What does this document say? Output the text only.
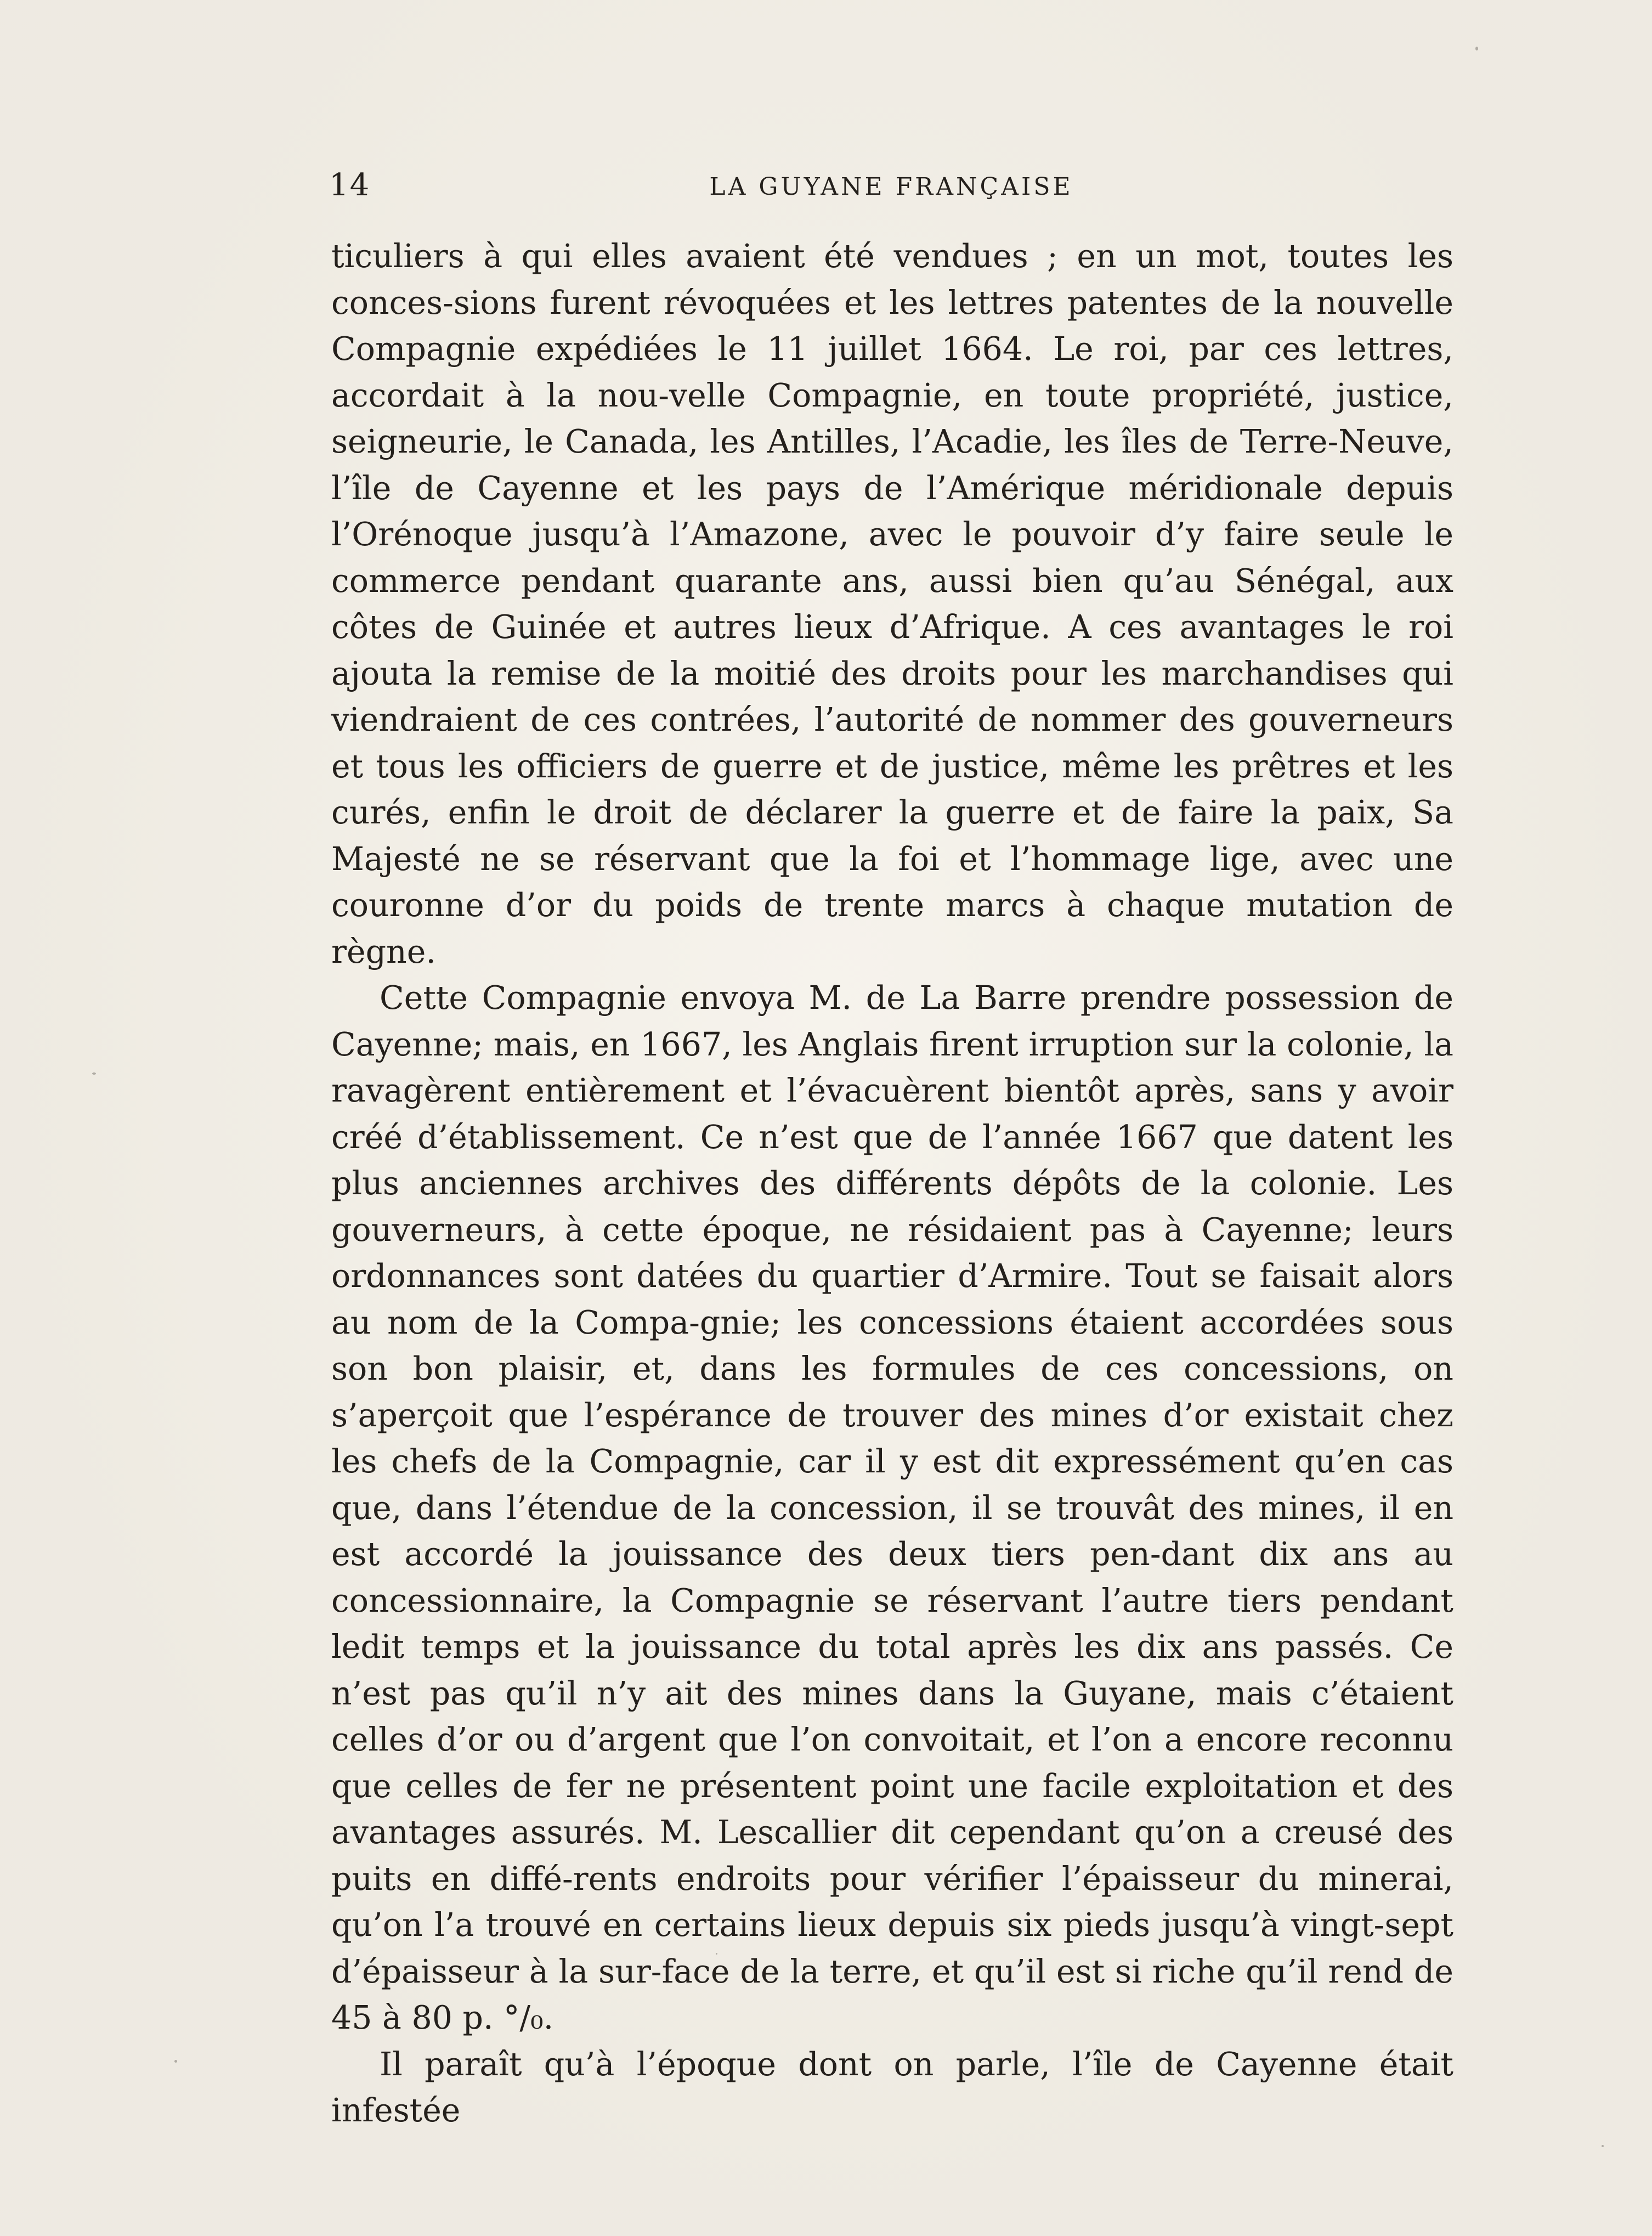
14	LA GUYANE FRANÇAISE

ticuliers à qui elles avaient été vendues ; en un mot, toutes les conces-sions furent révoquées et les lettres patentes de la nouvelle Compagnie expédiées le 11 juillet 1664. Le roi, par ces lettres, accordait à la nou-velle Compagnie, en toute propriété, justice, seigneurie, le Canada, les Antilles, l’Acadie, les îles de Terre-Neuve, l’île de Cayenne et les pays de l’Amérique méridionale depuis l’Orénoque jusqu’à l’Amazone, avec le pouvoir d’y faire seule le commerce pendant quarante ans, aussi bien qu’au Sénégal, aux côtes de Guinée et autres lieux d’Afrique. A ces avantages le roi ajouta la remise de la moitié des droits pour les marchandises qui viendraient de ces contrées, l’autorité de nommer des gouverneurs et tous les officiers de guerre et de justice, même les prêtres et les curés, enfin le droit de déclarer la guerre et de faire la paix, Sa Majesté ne se réservant que la foi et l’hommage lige, avec une couronne d’or du poids de trente marcs à chaque mutation de règne.

Cette Compagnie envoya M. de La Barre prendre possession de Cayenne; mais, en 1667, les Anglais firent irruption sur la colonie, la ravagèrent entièrement et l’évacuèrent bientôt après, sans y avoir créé d’établissement. Ce n’est que de l’année 1667 que datent les plus anciennes archives des différents dépôts de la colonie. Les gouverneurs, à cette époque, ne résidaient pas à Cayenne; leurs ordonnances sont datées du quartier d’Armire. Tout se faisait alors au nom de la Compa-gnie; les concessions étaient accordées sous son bon plaisir, et, dans les formules de ces concessions, on s’aperçoit que l’espérance de trouver des mines d’or existait chez les chefs de la Compagnie, car il y est dit expressément qu’en cas que, dans l’étendue de la concession, il se trouvât des mines, il en est accordé la jouissance des deux tiers pen-dant dix ans au concessionnaire, la Compagnie se réservant l’autre tiers pendant ledit temps et la jouissance du total après les dix ans passés. Ce n’est pas qu’il n’y ait des mines dans la Guyane, mais c’étaient celles d’or ou d’argent que l’on convoitait, et l’on a encore reconnu que celles de fer ne présentent point une facile exploitation et des avantages assurés. M. Lescallier dit cependant qu’on a creusé des puits en diffé-rents endroits pour vérifier l’épaisseur du minerai, qu’on l’a trouvé en certains lieux depuis six pieds jusqu’à vingt-sept d’épaisseur à la sur-face de la terre, et qu’il est si riche qu’il rend de 45 à 80 p. °/₀.

Il paraît qu’à l’époque dont on parle, l’île de Cayenne était infestée
